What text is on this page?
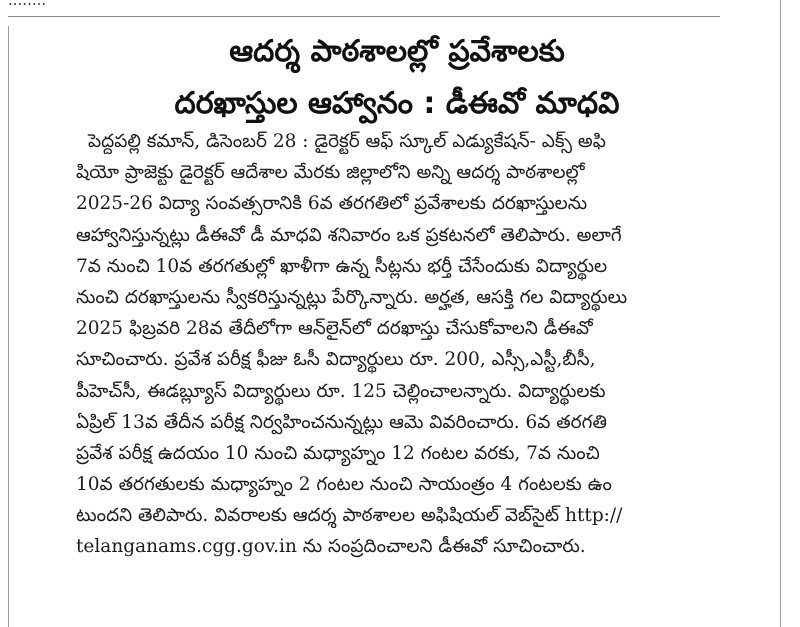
........
ఆదర్శ పాఠశాలల్లో ప్రవేశాలకు
దరఖాస్తుల ఆహ్వానం : డీఈవో మాధవి
పెద్దపల్లి కమాన్, డిసెంబర్ 28 : డైరెక్టర్ ఆఫ్ స్కూల్ ఎడ్యుకేషన్- ఎక్స్ అఫి
షియో ప్రాజెక్టు డైరెక్టర్ ఆదేశాల మేరకు జిల్లాలోని అన్ని ఆదర్శ పాఠశాలల్లో
2025-26 విద్యా సంవత్సరానికి 6వ తరగతిలో ప్రవేశాలకు దరఖాస్తులను
ఆహ్వానిస్తున్నట్లు డీఈవో డీ మాధవి శనివారం ఒక ప్రకటనలో తెలిపారు. అలాగే
7వ నుంచి 10వ తరగతుల్లో ఖాళీగా ఉన్న సీట్లను భర్తీ చేసేందుకు విద్యార్థుల
నుంచి దరఖాస్తులను స్వీకరిస్తున్నట్లు పేర్కొన్నారు. అర్హత, ఆసక్తి గల విద్యార్థులు
2025 ఫిబ్రవరి 28వ తేదీలోగా ఆన్‌లైన్‌లో దరఖాస్తు చేసుకోవాలని డీఈవో
సూచించారు. ప్రవేశ పరీక్ష ఫీజు ఓసీ విద్యార్థులు రూ. 200, ఎస్సీ,ఎస్టీ,బీసీ,
పీహెచ్‌సీ, ఈడబ్ల్యూస్ విద్యార్థులు రూ. 125 చెల్లించాలన్నారు. విద్యార్థులకు
ఏప్రిల్ 13వ తేదీన పరీక్ష నిర్వహించనున్నట్లు ఆమె వివరించారు. 6వ తరగతి
ప్రవేశ పరీక్ష ఉదయం 10 నుంచి మధ్యాహ్నం 12 గంటల వరకు, 7వ నుంచి
10వ తరగతులకు మధ్యాహ్నం 2 గంటల నుంచి సాయంత్రం 4 గంటలకు ఉం
టుందని తెలిపారు. వివరాలకు ఆదర్శ పాఠశాలల అఫిషియల్ వెబ్‌సైట్ http://
telanganams.cgg.gov.in ను సంప్రదించాలని డీఈవో సూచించారు.
